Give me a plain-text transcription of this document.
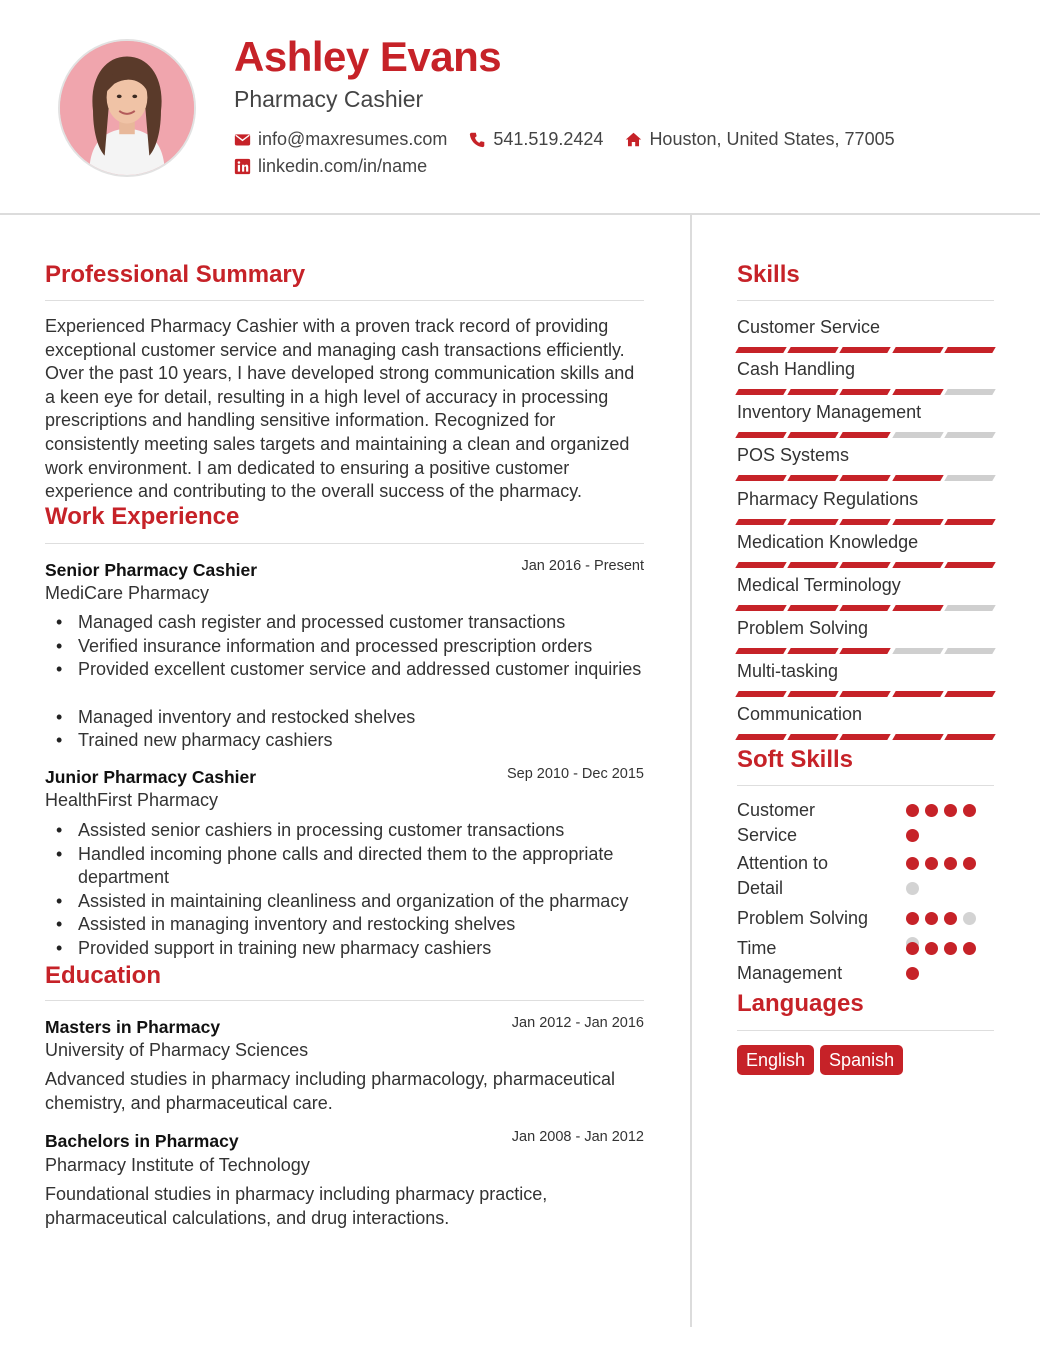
Ashley Evans
Pharmacy Cashier
info@maxresumes.com	541.519.2424	Houston, United States, 77005
linkedin.com/in/name
Professional Summary
Experienced Pharmacy Cashier with a proven track record of providing exceptional customer service and managing cash transactions efficiently. Over the past 10 years, I have developed strong communication skills and a keen eye for detail, resulting in a high level of accuracy in processing prescriptions and handling sensitive information. Recognized for consistently meeting sales targets and maintaining a clean and organized work environment. I am dedicated to ensuring a positive customer experience and contributing to the overall success of the pharmacy.
Work Experience
Senior Pharmacy Cashier	Jan 2016 - Present
MediCare Pharmacy
• Managed cash register and processed customer transactions
• Verified insurance information and processed prescription orders
• Provided excellent customer service and addressed customer inquiries
• Managed inventory and restocked shelves
• Trained new pharmacy cashiers
Junior Pharmacy Cashier	Sep 2010 - Dec 2015
HealthFirst Pharmacy
• Assisted senior cashiers in processing customer transactions
• Handled incoming phone calls and directed them to the appropriate department
• Assisted in maintaining cleanliness and organization of the pharmacy
• Assisted in managing inventory and restocking shelves
• Provided support in training new pharmacy cashiers
Education
Masters in Pharmacy	Jan 2012 - Jan 2016
University of Pharmacy Sciences
Advanced studies in pharmacy including pharmacology, pharmaceutical chemistry, and pharmaceutical care.
Bachelors in Pharmacy	Jan 2008 - Jan 2012
Pharmacy Institute of Technology
Foundational studies in pharmacy including pharmacy practice, pharmaceutical calculations, and drug interactions.
Skills
Customer Service
Cash Handling
Inventory Management
POS Systems
Pharmacy Regulations
Medication Knowledge
Medical Terminology
Problem Solving
Multi-tasking
Communication
Soft Skills
Customer Service
Attention to Detail
Problem Solving
Time Management
Languages
English	Spanish
